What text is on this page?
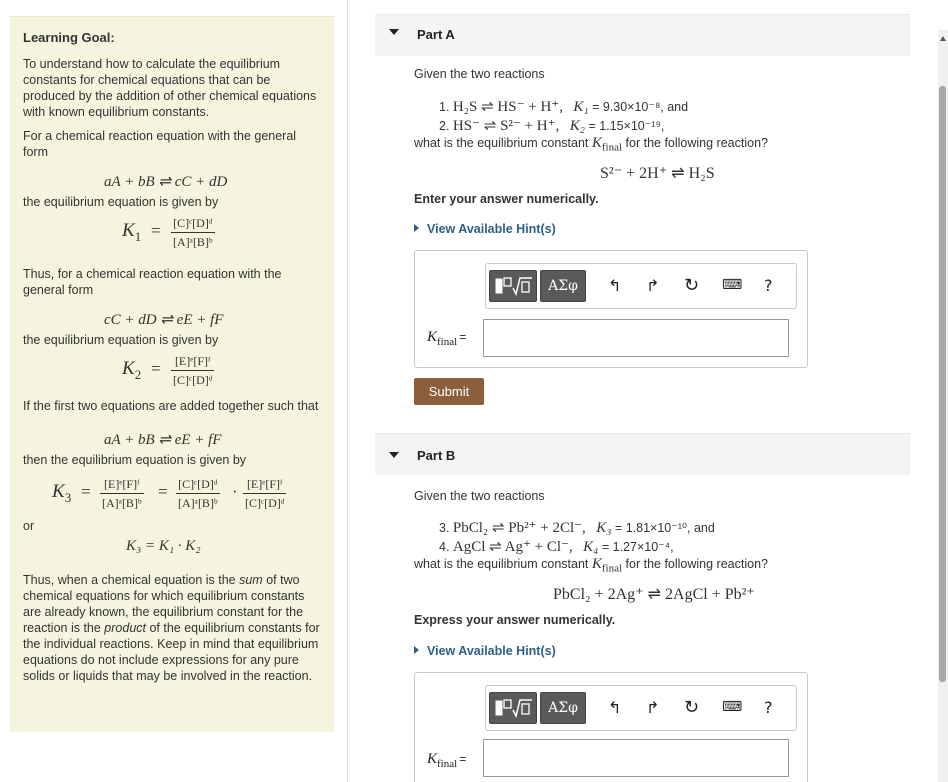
Learning Goal:
To understand how to calculate the equilibrium constants for chemical equations that can be produced by the addition of other chemical equations with known equilibrium constants.
For a chemical reaction equation with the general form
aA + bB ⇌ cC + dD
the equilibrium equation is given by
$K_1 = \frac{\text{[C]ᶜ[D]ᵈ}}{\text{[A]ᵃ[B]ᵇ}}$
Thus, for a chemical reaction equation with the general form
cC + dD ⇌ eE + fF
the equilibrium equation is given by
$K_2 = \frac{\text{[E]ᵉ[F]ᶠ}}{\text{[C]ᶜ[D]ᵈ}}$
If the first two equations are added together such that
aA + bB ⇌ eE + fF
then the equilibrium equation is given by
$K_3 = \frac{\text{[E]ᵉ[F]ᶠ}}{\text{[A]ᵃ[B]ᵇ}} = \frac{\text{[C]ᶜ[D]ᵈ}}{\text{[A]ᵃ[B]ᵇ}} \cdot \frac{\text{[E]ᵉ[F]ᶠ}}{\text{[C]ᶜ[D]ᵈ}}$
or
K₃ = K₁ · K₂
Thus, when a chemical equation is the sum of two chemical equations for which equilibrium constants are already known, the equilibrium constant for the reaction is the product of the equilibrium constants for the individual reactions. Keep in mind that equilibrium equations do not include expressions for any pure solids or liquids that may be involved in the reaction.
Part A
Given the two reactions
1. H₂S ⇌ HS⁻ + H⁺, K₁ = 9.30×10⁻⁸, and
2. HS⁻ ⇌ S²⁻ + H⁺, K₂ = 1.15×10⁻¹⁹,
what is the equilibrium constant $K_{final}$ for the following reaction?
S²⁻ + 2H⁺ ⇌ H₂S
Enter your answer numerically.
View Available Hint(s)
ΑΣφ	↰ ↱ ↻ ⌨ ?
$K_{final}$ =
Submit
Part B
Given the two reactions
3. PbCl₂ ⇌ Pb²⁺ + 2Cl⁻, K₃ = 1.81×10⁻¹⁰, and
4. AgCl ⇌ Ag⁺ + Cl⁻, K₄ = 1.27×10⁻⁴,
what is the equilibrium constant $K_{final}$ for the following reaction?
PbCl₂ + 2Ag⁺ ⇌ 2AgCl + Pb²⁺
Express your answer numerically.
View Available Hint(s)
ΑΣφ	↰ ↱ ↻ ⌨ ?
$K_{final}$ =
